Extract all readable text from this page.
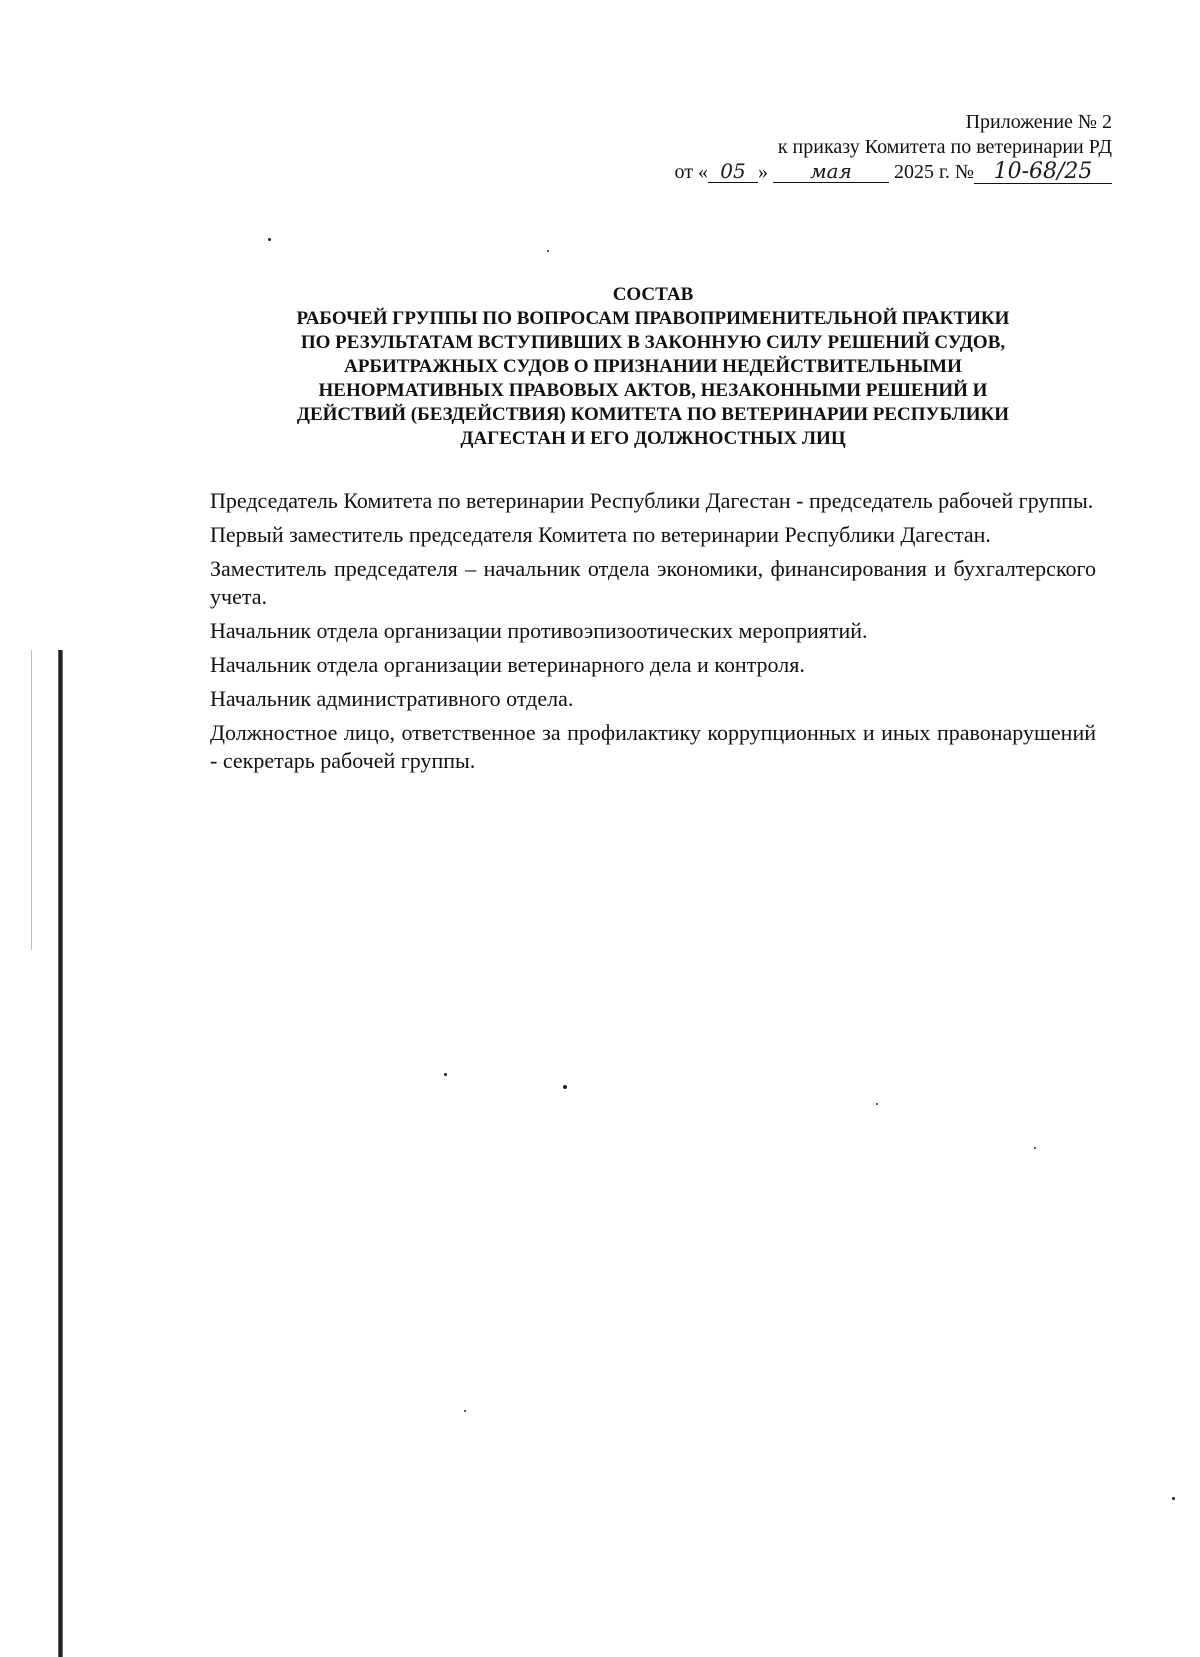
Приложение № 2
к приказу Комитета по ветеринарии РД
от « 05 » мая 2025 г. № 10-68/25
СОСТАВ
РАБОЧЕЙ ГРУППЫ ПО ВОПРОСАМ ПРАВОПРИМЕНИТЕЛЬНОЙ ПРАКТИКИ
ПО РЕЗУЛЬТАТАМ ВСТУПИВШИХ В ЗАКОННУЮ СИЛУ РЕШЕНИЙ СУДОВ,
АРБИТРАЖНЫХ СУДОВ О ПРИЗНАНИИ НЕДЕЙСТВИТЕЛЬНЫМИ
НЕНОРМАТИВНЫХ ПРАВОВЫХ АКТОВ, НЕЗАКОННЫМИ РЕШЕНИЙ И
ДЕЙСТВИЙ (БЕЗДЕЙСТВИЯ) КОМИТЕТА ПО ВЕТЕРИНАРИИ РЕСПУБЛИКИ
ДАГЕСТАН И ЕГО ДОЛЖНОСТНЫХ ЛИЦ

Председатель Комитета по ветеринарии Республики Дагестан - председатель рабочей группы.

Первый заместитель председателя Комитета по ветеринарии Республики Дагестан.

Заместитель председателя – начальник отдела экономики, финансирования и бухгалтерского учета.

Начальник отдела организации противоэпизоотических мероприятий.

Начальник отдела организации ветеринарного дела и контроля.

Начальник административного отдела.

Должностное лицо, ответственное за профилактику коррупционных и иных правонарушений - секретарь рабочей группы.
